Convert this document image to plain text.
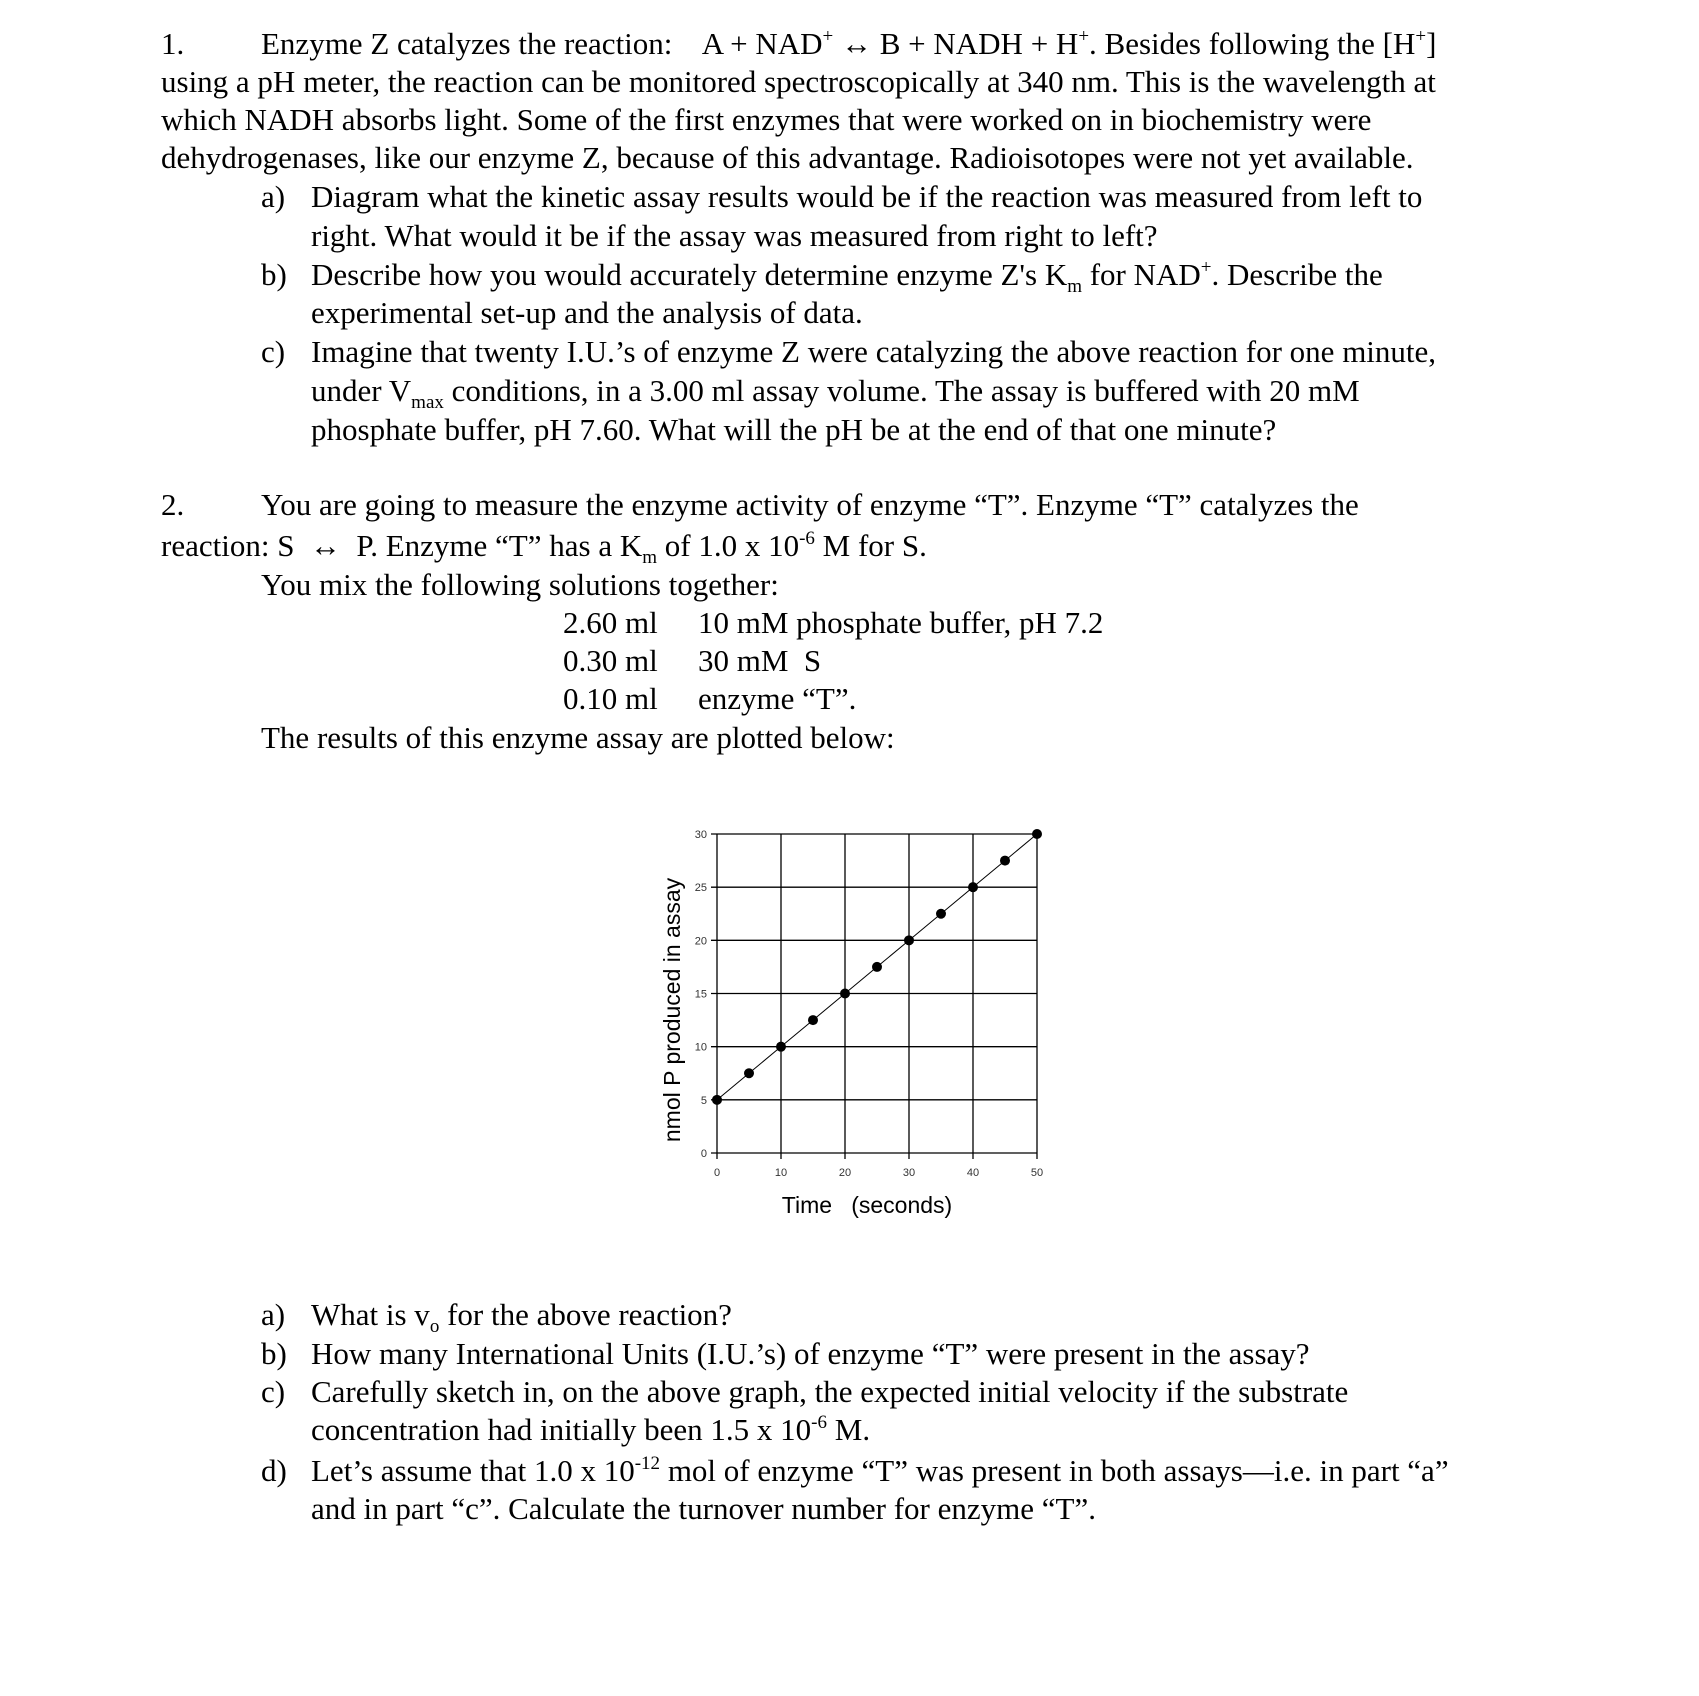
1. Enzyme Z catalyzes the reaction:    A + NAD+ ↔ B + NADH + H+. Besides following the [H+]
using a pH meter, the reaction can be monitored spectroscopically at 340 nm. This is the wavelength at
which NADH absorbs light. Some of the first enzymes that were worked on in biochemistry were
dehydrogenases, like our enzyme Z, because of this advantage. Radioisotopes were not yet available.
a) Diagram what the kinetic assay results would be if the reaction was measured from left to
right. What would it be if the assay was measured from right to left?
b) Describe how you would accurately determine enzyme Z's $K_m$ for NAD+. Describe the
experimental set-up and the analysis of data.
c) Imagine that twenty I.U.’s of enzyme Z were catalyzing the above reaction for one minute,
under $V_{max}$ conditions, in a 3.00 ml assay volume. The assay is buffered with 20 mM
phosphate buffer, pH 7.60. What will the pH be at the end of that one minute?
2. You are going to measure the enzyme activity of enzyme “T”. Enzyme “T” catalyzes the
reaction: S  ↔  P. Enzyme “T” has a $K_m$ of 1.0 x $10^{-6}$ M for S.
You mix the following solutions together:
2.60 ml 10 mM phosphate buffer, pH 7.2
0.30 ml 30 mM  S
0.10 ml enzyme “T”.
The results of this enzyme assay are plotted below:
a) What is $v_o$ for the above reaction?
b) How many International Units (I.U.’s) of enzyme “T” were present in the assay?
c) Carefully sketch in, on the above graph, the expected initial velocity if the substrate
concentration had initially been 1.5 x $10^{-6}$ M.
d) Let’s assume that 1.0 x $10^{-12}$ mol of enzyme “T” was present in both assays—i.e. in part “a”
and in part “c”. Calculate the turnover number for enzyme “T”.
0
5
10
15
20
25
30
0	10	20	30	40	50
Time   (seconds)
nmol P produced in assay
